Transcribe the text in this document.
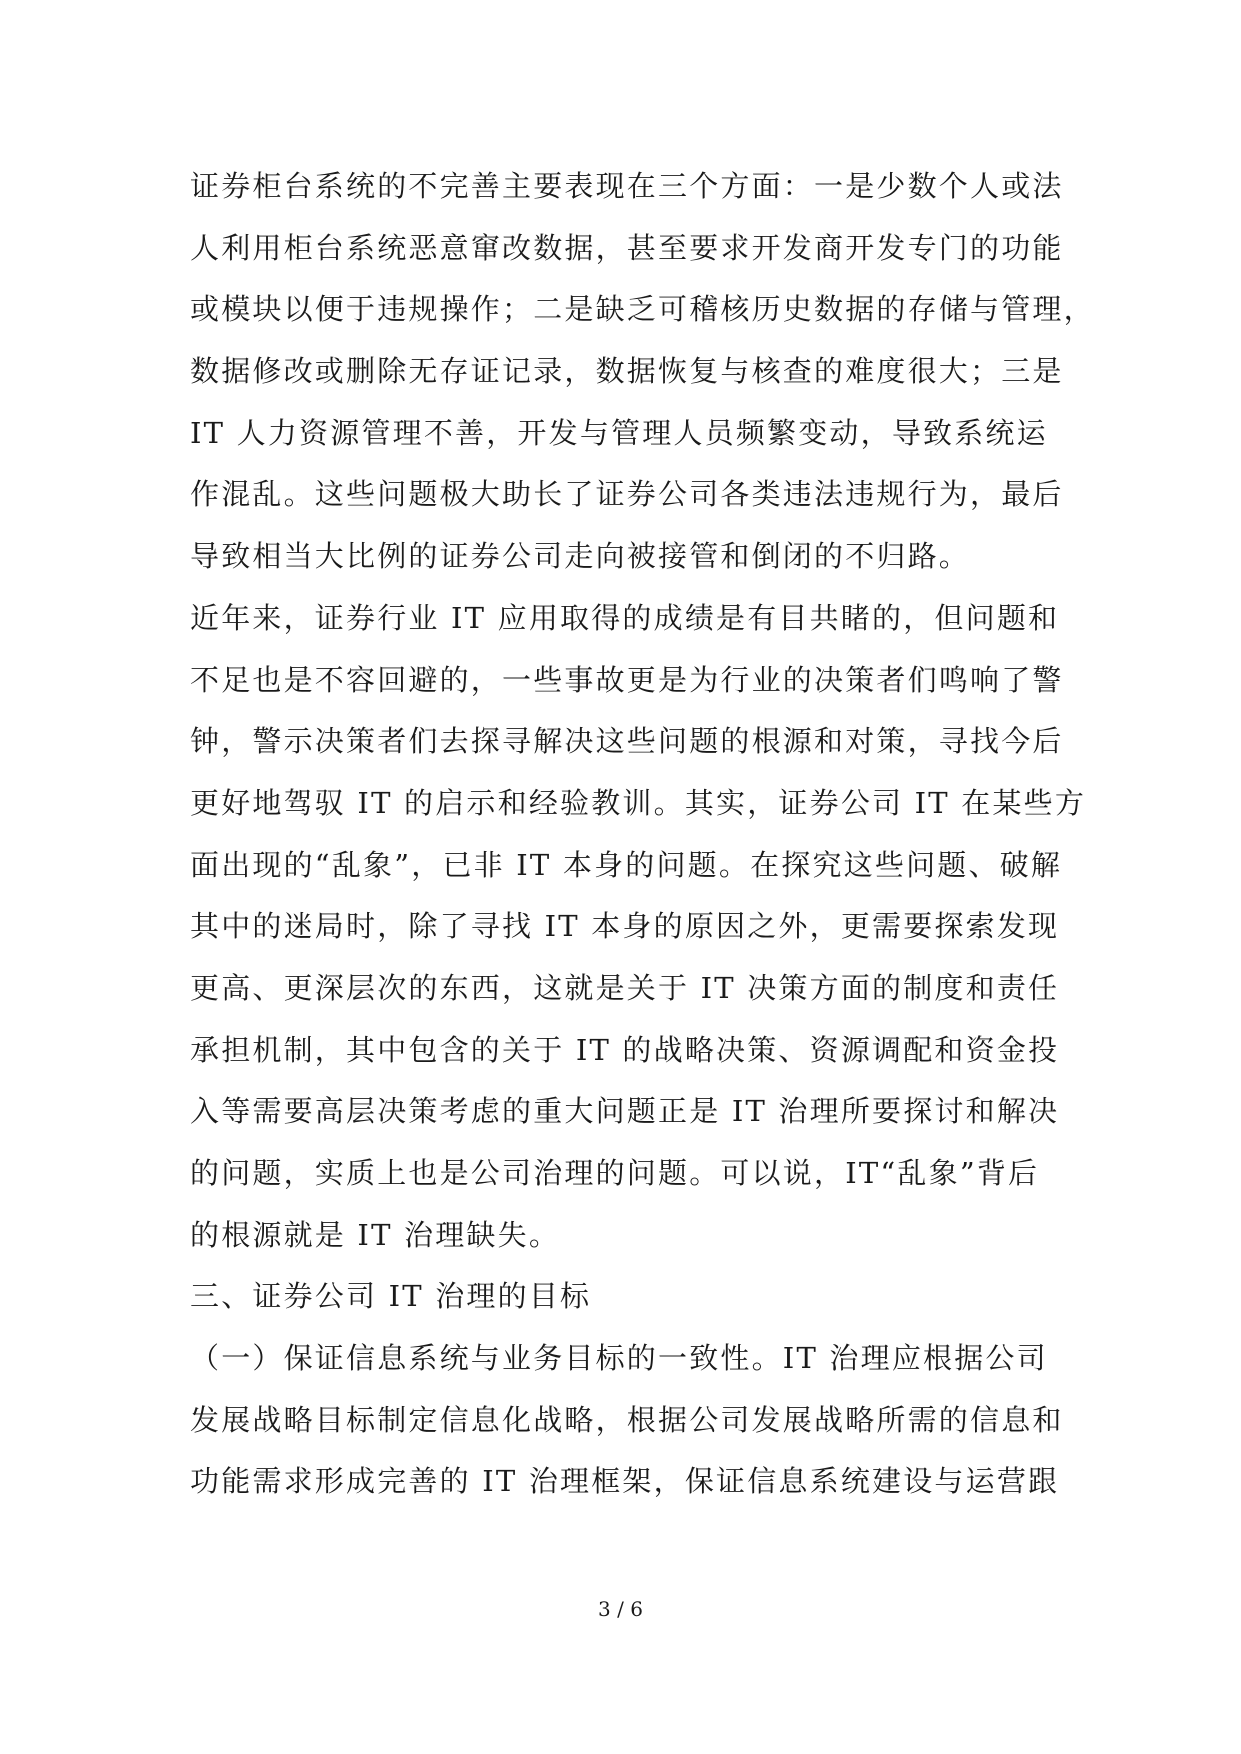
证券柜台系统的不完善主要表现在三个方面：一是少数个人或法
人利用柜台系统恶意窜改数据，甚至要求开发商开发专门的功能
或模块以便于违规操作；二是缺乏可稽核历史数据的存储与管理，
数据修改或删除无存证记录，数据恢复与核查的难度很大；三是
IT 人力资源管理不善，开发与管理人员频繁变动，导致系统运
作混乱。这些问题极大助长了证券公司各类违法违规行为，最后
导致相当大比例的证券公司走向被接管和倒闭的不归路。
近年来，证券行业 IT 应用取得的成绩是有目共睹的，但问题和
不足也是不容回避的，一些事故更是为行业的决策者们鸣响了警
钟，警示决策者们去探寻解决这些问题的根源和对策，寻找今后
更好地驾驭 IT 的启示和经验教训。其实，证券公司 IT 在某些方
面出现的“乱象”，已非 IT 本身的问题。在探究这些问题、破解
其中的迷局时，除了寻找 IT 本身的原因之外，更需要探索发现
更高、更深层次的东西，这就是关于 IT 决策方面的制度和责任
承担机制，其中包含的关于 IT 的战略决策、资源调配和资金投
入等需要高层决策考虑的重大问题正是 IT 治理所要探讨和解决
的问题，实质上也是公司治理的问题。可以说，IT“乱象”背后
的根源就是 IT 治理缺失。
三、证券公司 IT 治理的目标
（一）保证信息系统与业务目标的一致性。IT 治理应根据公司
发展战略目标制定信息化战略，根据公司发展战略所需的信息和
功能需求形成完善的 IT 治理框架，保证信息系统建设与运营跟
3 / 6
